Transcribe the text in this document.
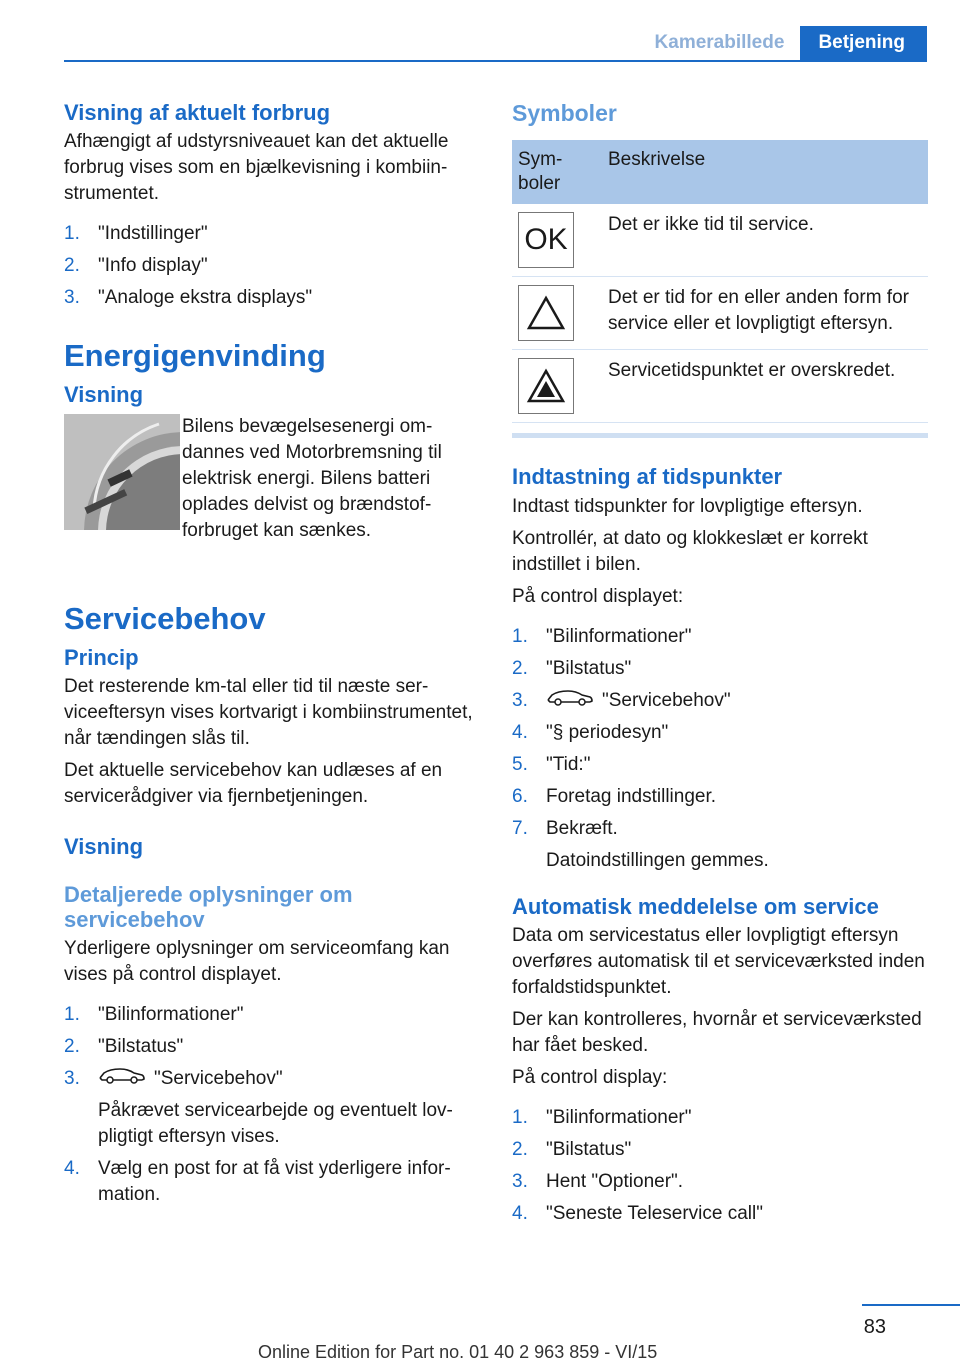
Kamerabillede	Betjening
Visning af aktuelt forbrug

Afhængigt af udstyrsniveauet kan det aktuelle forbrug vises som en bjælkevisning i kombiinstrumentet.

1. "Indstillinger"
2. "Info display"
3. "Analoge ekstra displays"
Energigenvinding
Visning
Bilens bevægelsesenergi omdannes ved Motorbremsning til elektrisk energi. Bilens batteri oplades delvist og brændstofforbruget kan sænkes.
Servicebehov
Princip

Det resterende km-tal eller tid til næste serviceeftersyn vises kortvarigt i kombiinstrumentet, når tændingen slås til.

Det aktuelle servicebehov kan udlæses af en servicerådgiver via fjernbetjeningen.

Visning
Detaljerede oplysninger om servicebehov

Yderligere oplysninger om serviceomfang kan vises på control displayet.

1. "Bilinformationer"
2. "Bilstatus"
3.	"Servicebehov"
Påkrævet servicearbejde og eventuelt lovpligtigt eftersyn vises.
4. Vælg en post for at få vist yderligere information.
Symboler
Symboler	Beskrivelse

OK	Det er ikke tid til service.

	Det er tid for en eller anden form for service eller et lovpligtigt eftersyn.

	Servicetidspunktet er overskredet.
Indtastning af tidspunkter

Indtast tidspunkter for lovpligtige eftersyn.

Kontrollér, at dato og klokkeslæt er korrekt indstillet i bilen.

På control displayet:

1. "Bilinformationer"
2. "Bilstatus"
3.	"Servicebehov"
4. "§ periodesyn"
5. "Tid:"
6. Foretag indstillinger.
7. Bekræft.
Datoindstillingen gemmes.
Automatisk meddelelse om service

Data om servicestatus eller lovpligtigt eftersyn overføres automatisk til et serviceværksted inden forfaldstidspunktet.

Der kan kontrolleres, hvornår et serviceværksted har fået besked.

På control display:

1. "Bilinformationer"
2. "Bilstatus"
3. Hent "Optioner".
4. "Seneste Teleservice call"
83
Online Edition for Part no. 01 40 2 963 859 - VI/15
